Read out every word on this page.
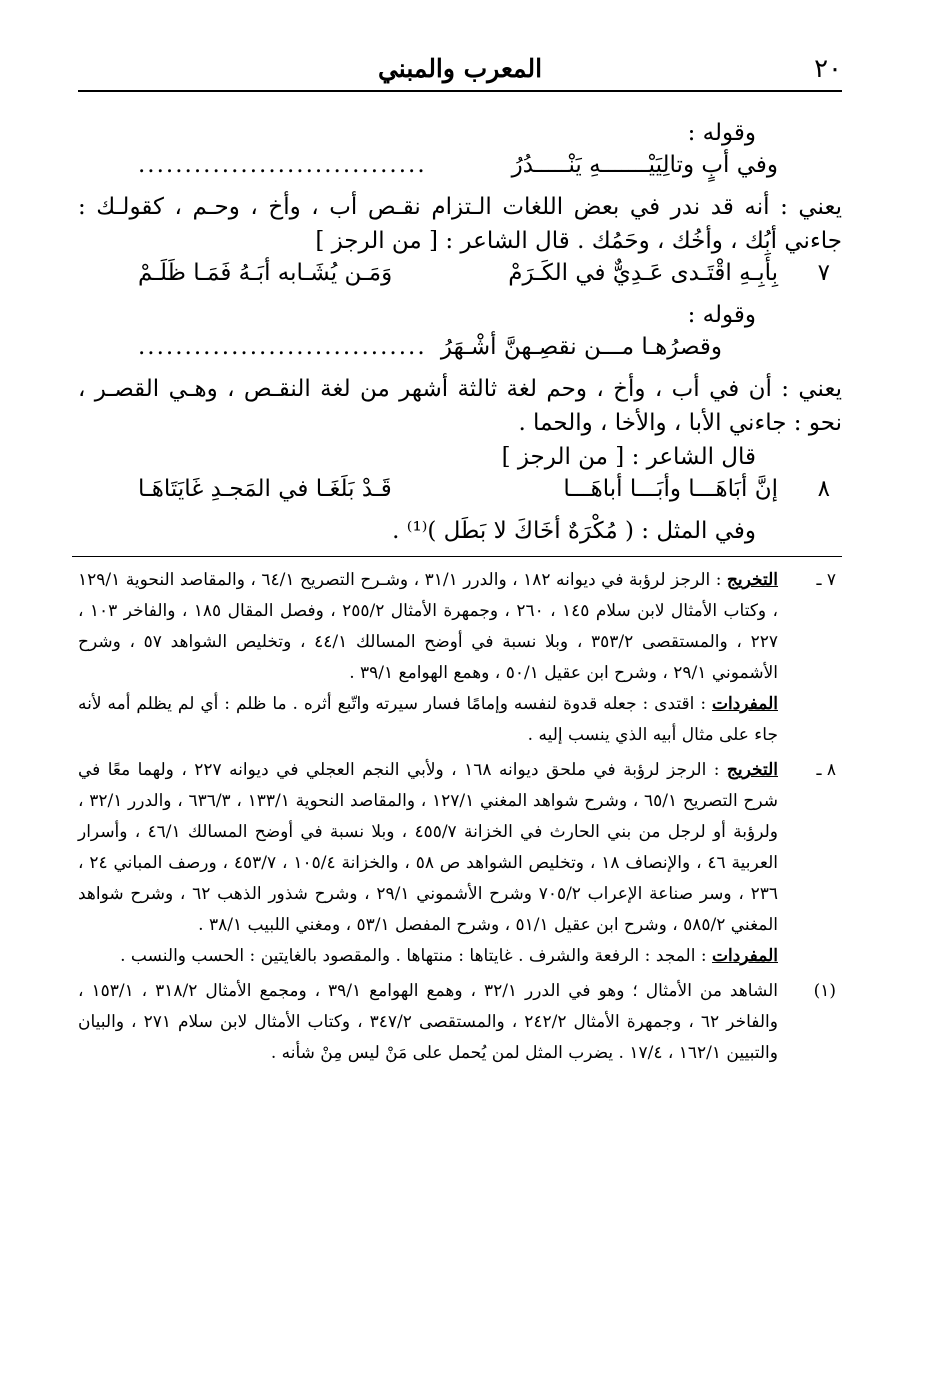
٢٠
المعرب والمبني
وقوله :
وفي أبٍ وتالِيَيْـــــــهِ يَنْـــــدُرُ
...............................
يعني : أنه قد ندر في بعض اللغات الـتزام نقـص أب ، وأخ ، وحـم ، كقولـك :
جاءني أبُك ، وأخُك ، وحَمُك . قال الشاعر : [ من الرجز ]
٧
بِأَبِـهِ اقْتَـدى عَـدِيٌّ في الكَـرَمْ
وَمَـن يُشَـابه أبَـهُ فَمَـا ظَلَـمْ
وقوله :
وقصرُهـا مـــن نقصِـهنَّ أشْـهَرُ
...............................
يعني : أن في أب ، وأخ ، وحم لغة ثالثة أشهر من لغة النقـص ، وهـي القصـر ،
نحو : جاءني الأبا ، والأخا ، والحما .
قال الشاعر : [ من الرجز ]
٨
إنَّ أبَاهَـــا وأبَـــا أباهَـــا
قَـدْ بَلَغَـا في المَجـدِ غَايَتَاهَـا
وفي المثل : ( مُكْرَهٌ أخَاكَ لا بَطَل )⁽¹⁾ .
٧ ـ
التخريج : الرجز لرؤبة في ديوانه ١٨٢ ، والدرر ٣١/١ ، وشـرح التصريح ٦٤/١ ، والمقاصد النحوية ١٢٩/١ ، وكتاب الأمثال لابن سلام ١٤٥ ، ٢٦٠ ، وجمهرة الأمثال ٢٥٥/٢ ، وفصل المقال ١٨٥ ، والفاخر ١٠٣ ، ٢٢٧ ، والمستقصى ٣٥٣/٢ ، وبلا نسبة في أوضح المسالك ٤٤/١ ، وتخليص الشواهد ٥٧ ، وشرح الأشموني ٢٩/١ ، وشرح ابن عقيل ٥٠/١ ، وهمع الهوامع ٣٩/١ .
المفردات : اقتدى : جعله قدوة لنفسه وإمامًا فسار سيرته واتّبع أثره . ما ظلم : أي لم يظلم أمه لأنه جاء على مثال أبيه الذي ينسب إليه .
٨ ـ
التخريج : الرجز لرؤبة في ملحق ديوانه ١٦٨ ، ولأبي النجم العجلي في ديوانه ٢٢٧ ، ولهما معًا في شرح التصريح ٦٥/١ ، وشرح شواهد المغني ١٢٧/١ ، والمقاصد النحوية ١٣٣/١ ، ٦٣٦/٣ ، والدرر ٣٢/١ ، ولرؤبة أو لرجل من بني الحارث في الخزانة ٤٥٥/٧ ، وبلا نسبة في أوضح المسالك ٤٦/١ ، وأسرار العربية ٤٦ ، والإنصاف ١٨ ، وتخليص الشواهد ص ٥٨ ، والخزانة ١٠٥/٤ ، ٤٥٣/٧ ، ورصف المباني ٢٤ ، ٢٣٦ ، وسر صناعة الإعراب ٧٠٥/٢ وشرح الأشموني ٢٩/١ ، وشرح شذور الذهب ٦٢ ، وشرح شواهد المغني ٥٨٥/٢ ، وشرح ابن عقيل ٥١/١ ، وشرح المفصل ٥٣/١ ، ومغني اللبيب ٣٨/١ .
المفردات : المجد : الرفعة والشرف . غايتاها : منتهاها . والمقصود بالغايتين : الحسب والنسب .
(١)
الشاهد من الأمثال ؛ وهو في الدرر ٣٢/١ ، وهمع الهوامع ٣٩/١ ، ومجمع الأمثال ٣١٨/٢ ، ١٥٣/١ ، والفاخر ٦٢ ، وجمهرة الأمثال ٢٤٢/٢ ، والمستقصى ٣٤٧/٢ ، وكتاب الأمثال لابن سلام ٢٧١ ، والبيان والتبيين ١٦٢/١ ، ١٧/٤ . يضرب المثل لمن يُحمل على مَنْ ليس مِنْ شأنه .
